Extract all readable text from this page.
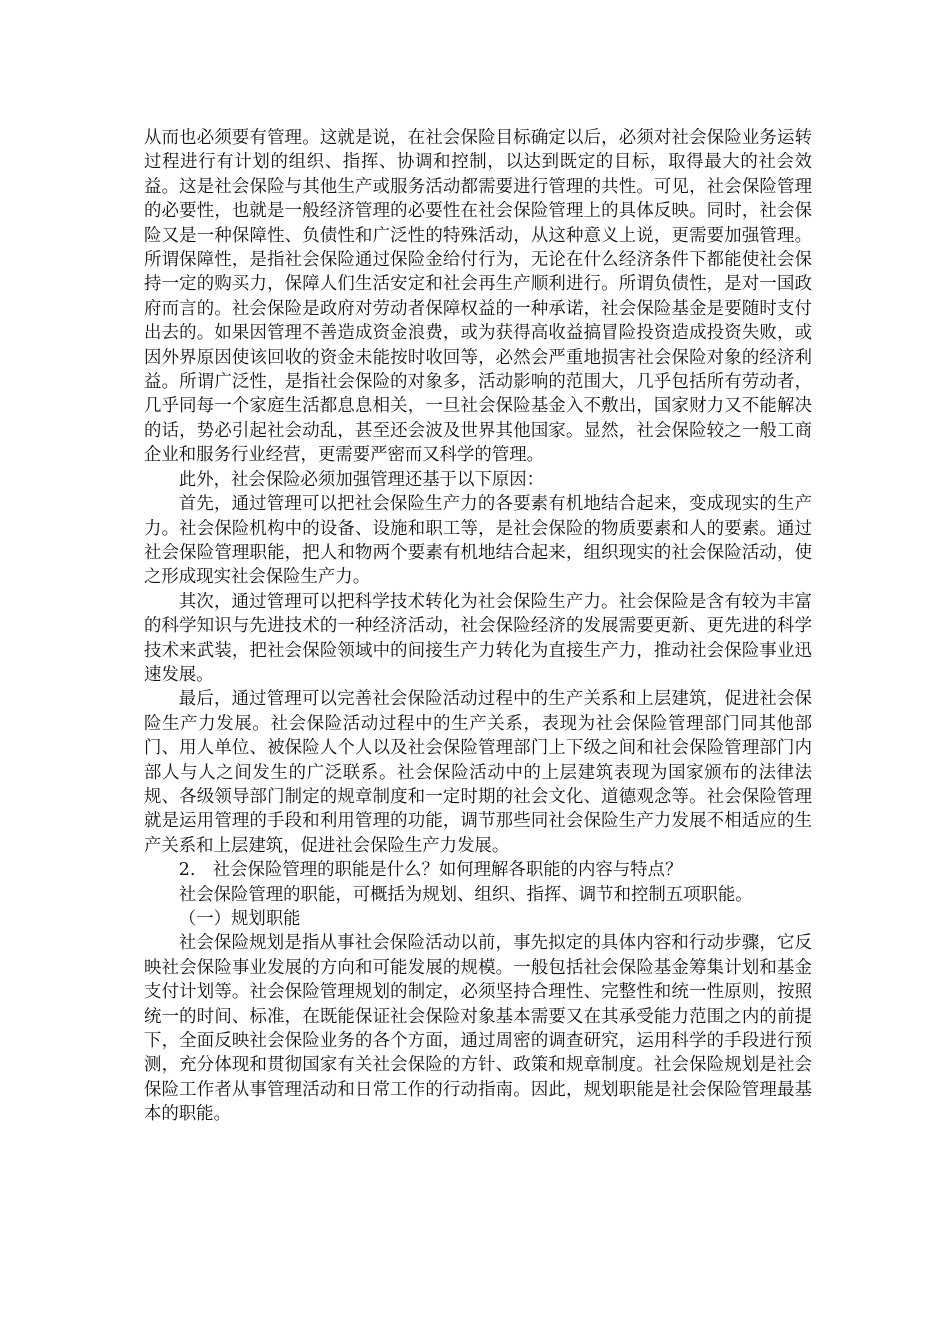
从而也必须要有管理。这就是说，在社会保险目标确定以后，必须对社会保险业务运转过程进行有计划的组织、指挥、协调和控制，以达到既定的目标，取得最大的社会效益。这是社会保险与其他生产或服务活动都需要进行管理的共性。可见，社会保险管理的必要性，也就是一般经济管理的必要性在社会保险管理上的具体反映。同时，社会保险又是一种保障性、负债性和广泛性的特殊活动，从这种意义上说，更需要加强管理。所谓保障性，是指社会保险通过保险金给付行为，无论在什么经济条件下都能使社会保持一定的购买力，保障人们生活安定和社会再生产顺利进行。所谓负债性，是对一国政府而言的。社会保险是政府对劳动者保障权益的一种承诺，社会保险基金是要随时支付出去的。如果因管理不善造成资金浪费，或为获得高收益搞冒险投资造成投资失败，或因外界原因使该回收的资金未能按时收回等，必然会严重地损害社会保险对象的经济利益。所谓广泛性，是指社会保险的对象多，活动影响的范围大，几乎包括所有劳动者，几乎同每一个家庭生活都息息相关，一旦社会保险基金入不敷出，国家财力又不能解决的话，势必引起社会动乱，甚至还会波及世界其他国家。显然，社会保险较之一般工商企业和服务行业经营，更需要严密而又科学的管理。

此外，社会保险必须加强管理还基于以下原因：

首先，通过管理可以把社会保险生产力的各要素有机地结合起来，变成现实的生产力。社会保险机构中的设备、设施和职工等，是社会保险的物质要素和人的要素。通过社会保险管理职能，把人和物两个要素有机地结合起来，组织现实的社会保险活动，使之形成现实社会保险生产力。

其次，通过管理可以把科学技术转化为社会保险生产力。社会保险是含有较为丰富的科学知识与先进技术的一种经济活动，社会保险经济的发展需要更新、更先进的科学技术来武装，把社会保险领域中的间接生产力转化为直接生产力，推动社会保险事业迅速发展。

最后，通过管理可以完善社会保险活动过程中的生产关系和上层建筑，促进社会保险生产力发展。社会保险活动过程中的生产关系，表现为社会保险管理部门同其他部门、用人单位、被保险人个人以及社会保险管理部门上下级之间和社会保险管理部门内部人与人之间发生的广泛联系。社会保险活动中的上层建筑表现为国家颁布的法律法规、各级领导部门制定的规章制度和一定时期的社会文化、道德观念等。社会保险管理就是运用管理的手段和利用管理的功能，调节那些同社会保险生产力发展不相适应的生产关系和上层建筑，促进社会保险生产力发展。

2.　社会保险管理的职能是什么？如何理解各职能的内容与特点？

社会保险管理的职能，可概括为规划、组织、指挥、调节和控制五项职能。

（一）规划职能

社会保险规划是指从事社会保险活动以前，事先拟定的具体内容和行动步骤，它反映社会保险事业发展的方向和可能发展的规模。一般包括社会保险基金筹集计划和基金支付计划等。社会保险管理规划的制定，必须坚持合理性、完整性和统一性原则，按照统一的时间、标准，在既能保证社会保险对象基本需要又在其承受能力范围之内的前提下，全面反映社会保险业务的各个方面，通过周密的调查研究，运用科学的手段进行预测，充分体现和贯彻国家有关社会保险的方针、政策和规章制度。社会保险规划是社会保险工作者从事管理活动和日常工作的行动指南。因此，规划职能是社会保险管理最基本的职能。
